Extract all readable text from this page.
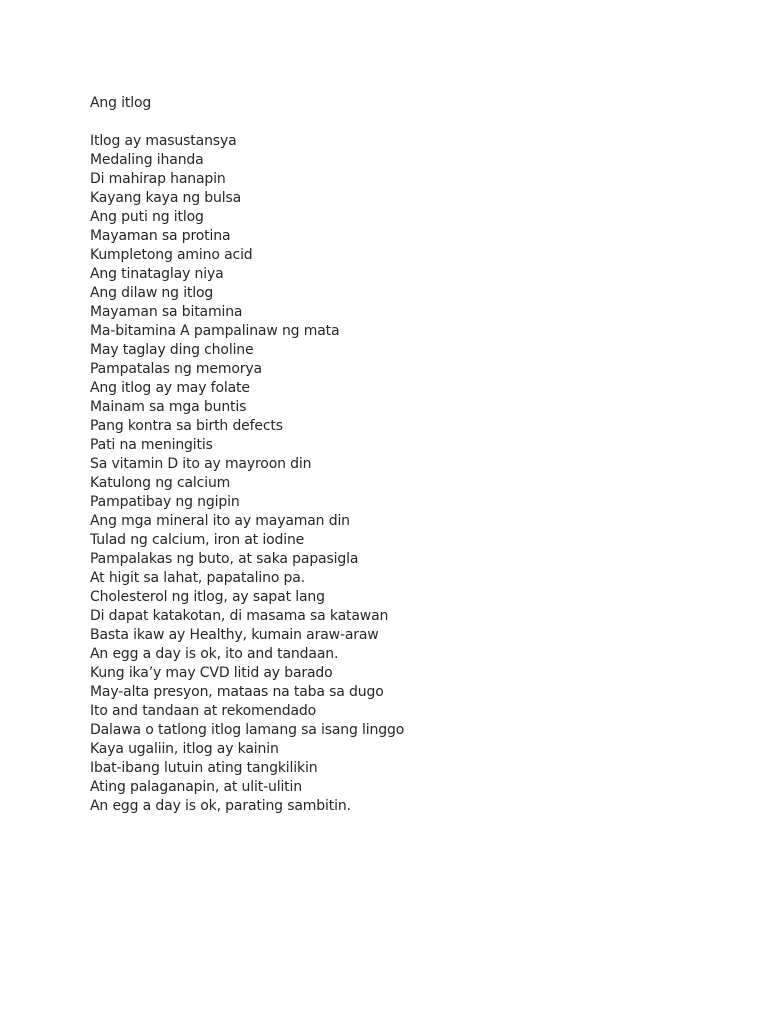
Ang itlog
Itlog ay masustansya
Medaling ihanda
Di mahirap hanapin
Kayang kaya ng bulsa
Ang puti ng itlog
Mayaman sa protina
Kumpletong amino acid
Ang tinataglay niya
Ang dilaw ng itlog
Mayaman sa bitamina
Ma-bitamina A pampalinaw ng mata
May taglay ding choline
Pampatalas ng memorya
Ang itlog ay may folate
Mainam sa mga buntis
Pang kontra sa birth defects
Pati na meningitis
Sa vitamin D ito ay mayroon din
Katulong ng calcium
Pampatibay ng ngipin
Ang mga mineral ito ay mayaman din
Tulad ng calcium, iron at iodine
Pampalakas ng buto, at saka papasigla
At higit sa lahat, papatalino pa.
Cholesterol ng itlog, ay sapat lang
Di dapat katakotan, di masama sa katawan
Basta ikaw ay Healthy, kumain araw-araw
An egg a day is ok, ito and tandaan.
Kung ika’y may CVD litid ay barado
May-alta presyon, mataas na taba sa dugo
Ito and tandaan at rekomendado
Dalawa o tatlong itlog lamang sa isang linggo
Kaya ugaliin, itlog ay kainin
Ibat-ibang lutuin ating tangkilikin
Ating palaganapin, at ulit-ulitin
An egg a day is ok, parating sambitin.
